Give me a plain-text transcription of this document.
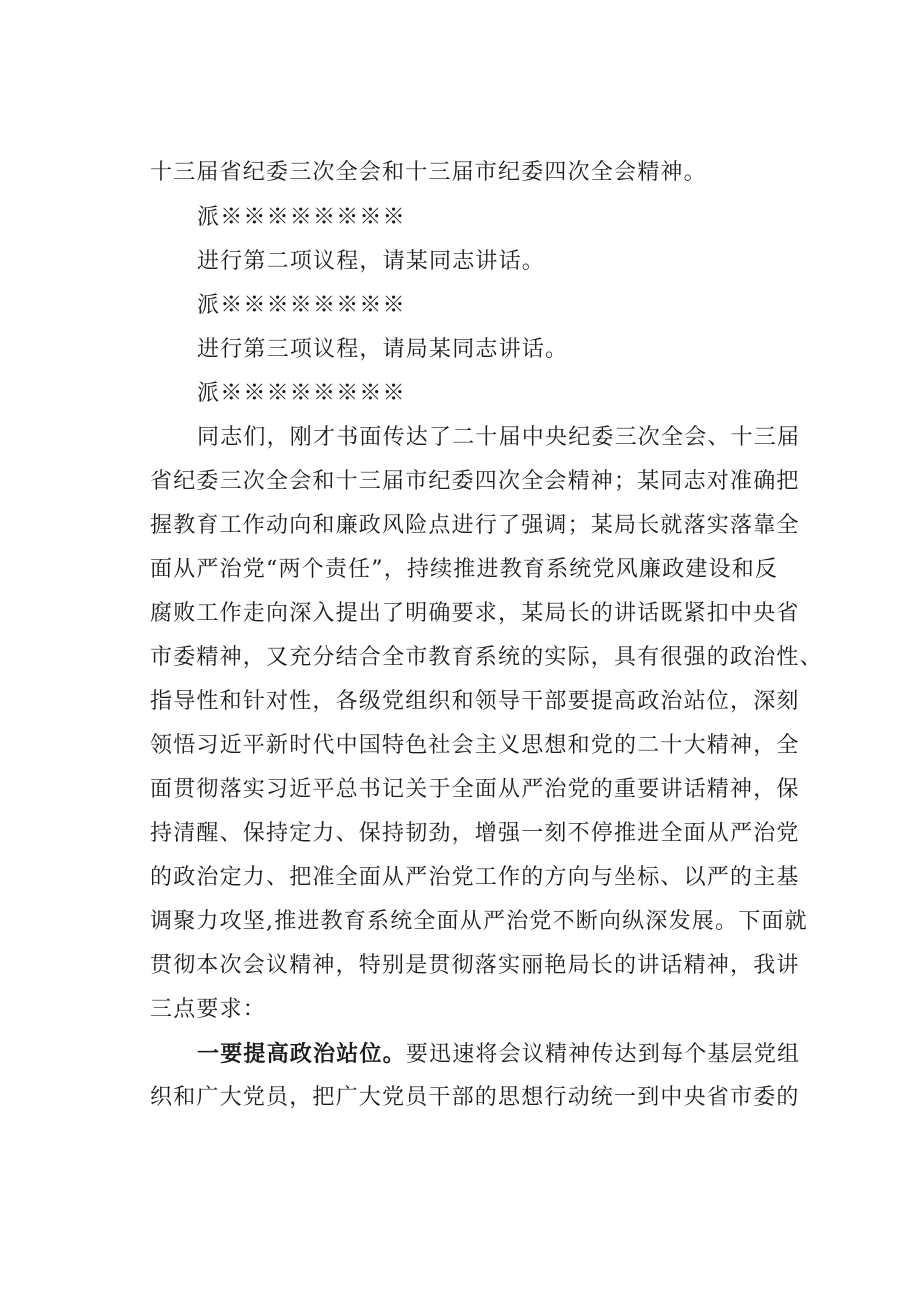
十三届省纪委三次全会和十三届市纪委四次全会精神。
派※※※※※※※※
进行第二项议程，请某同志讲话。
派※※※※※※※※
进行第三项议程，请局某同志讲话。
派※※※※※※※※
同志们，刚才书面传达了二十届中央纪委三次全会、十三届
省纪委三次全会和十三届市纪委四次全会精神；某同志对准确把
握教育工作动向和廉政风险点进行了强调；某局长就落实落靠全
面从严治党“两个责任”，持续推进教育系统党风廉政建设和反
腐败工作走向深入提出了明确要求，某局长的讲话既紧扣中央省
市委精神，又充分结合全市教育系统的实际，具有很强的政治性、
指导性和针对性，各级党组织和领导干部要提高政治站位，深刻
领悟习近平新时代中国特色社会主义思想和党的二十大精神，全
面贯彻落实习近平总书记关于全面从严治党的重要讲话精神，保
持清醒、保持定力、保持韧劲，增强一刻不停推进全面从严治党
的政治定力、把准全面从严治党工作的方向与坐标、以严的主基
调聚力攻坚,推进教育系统全面从严治党不断向纵深发展。下面就
贯彻本次会议精神，特别是贯彻落实丽艳局长的讲话精神，我讲
三点要求：
一要提高政治站位。要迅速将会议精神传达到每个基层党组
织和广大党员，把广大党员干部的思想行动统一到中央省市委的
